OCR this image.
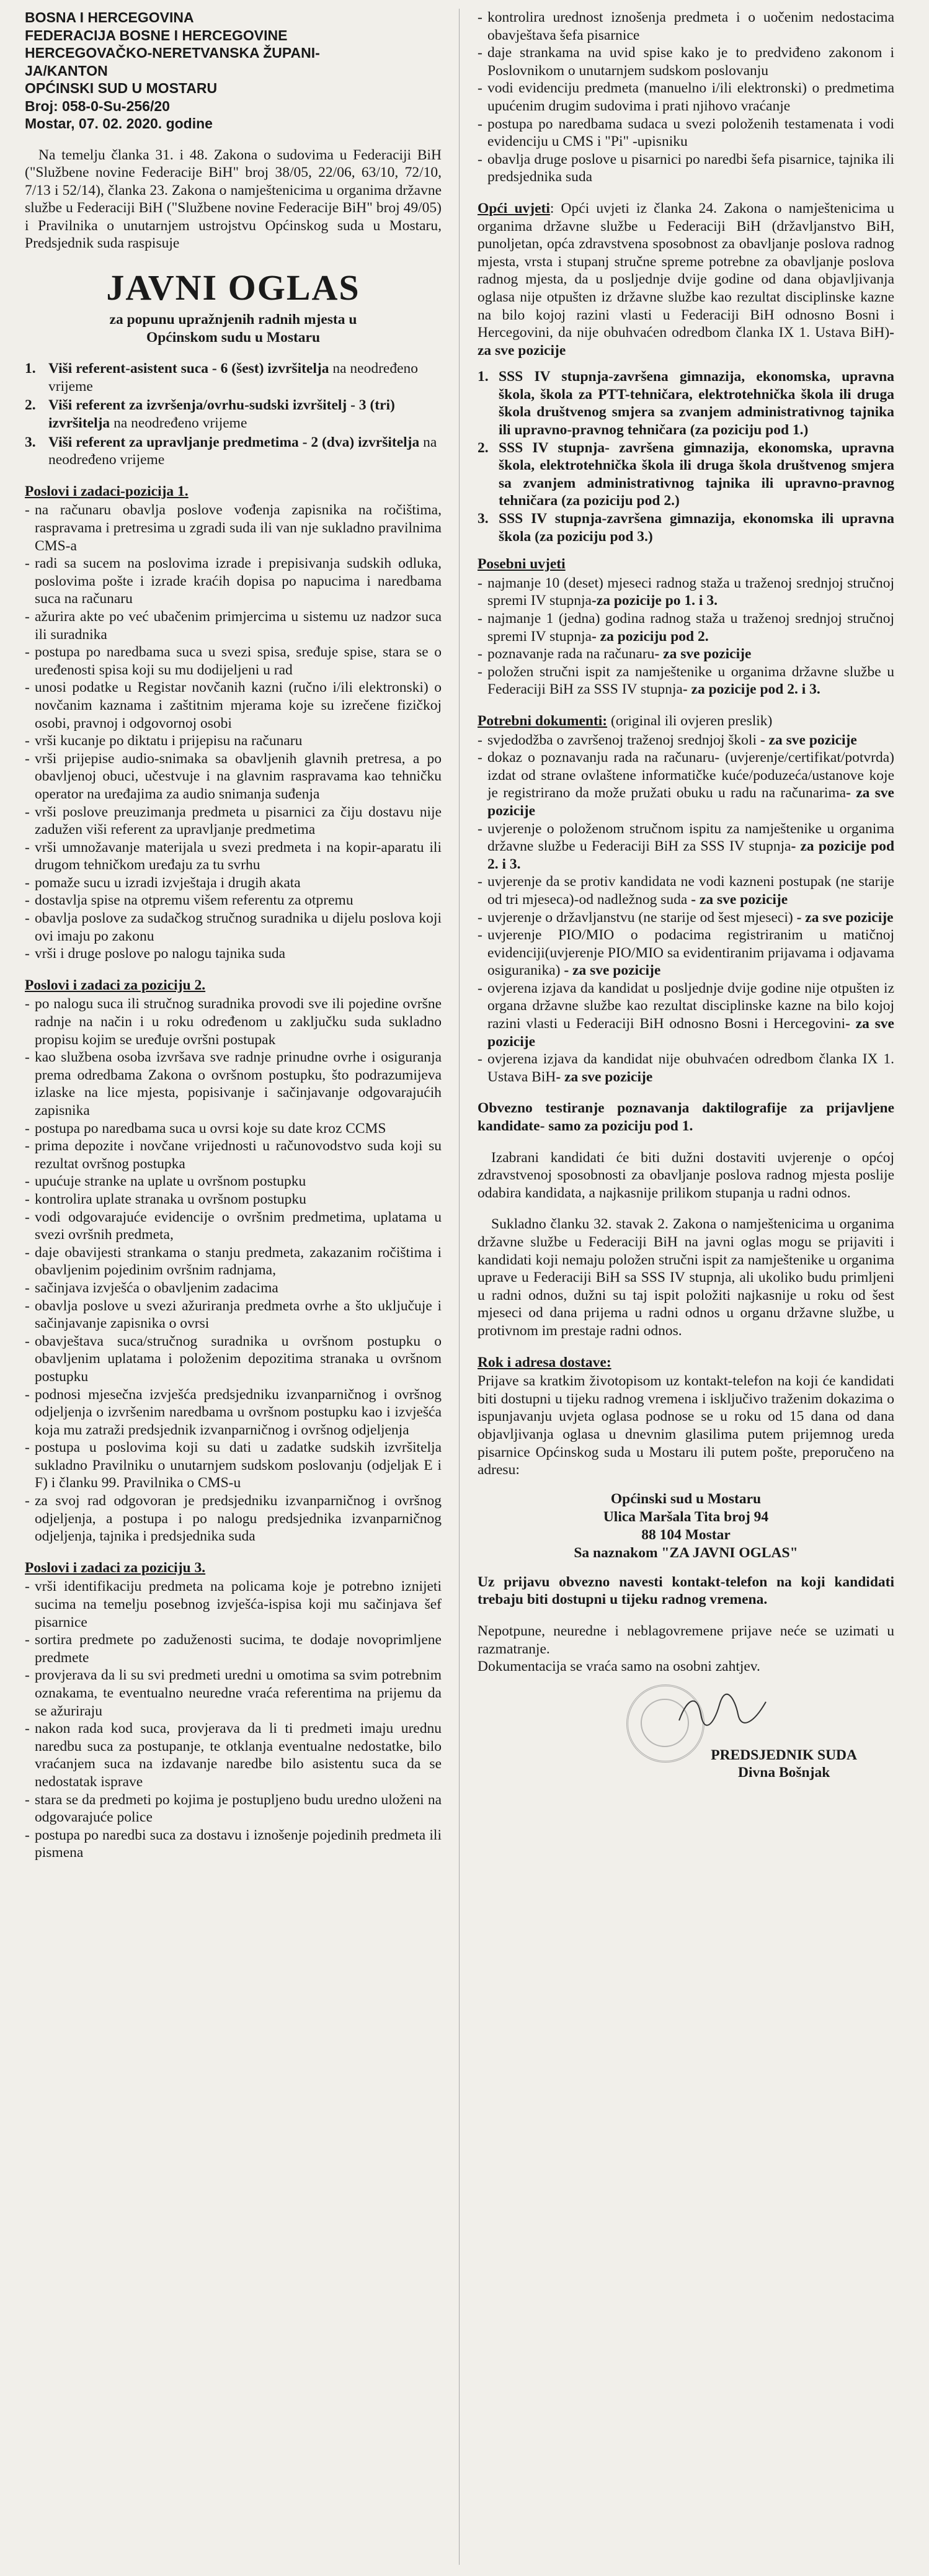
BOSNA I HERCEGOVINA

FEDERACIJA BOSNE I HERCEGOVINE

HERCEGOVAČKO-NERETVANSKA ŽUPANI-

JA/KANTON

OPĆINSKI SUD U MOSTARU

Broj: 058-0-Su-256/20

Mostar, 07. 02. 2020. godine

Na temelju članka 31. i 48. Zakona o sudovima u Federaciji BiH ("Službene novine Federacije BiH" broj 38/05, 22/06, 63/10, 72/10, 7/13 i 52/14), članka 23. Zakona o namještenicima u organima državne službe u Federaciji BiH ("Službene novine Federacije BiH" broj 49/05) i Pravilnika o unutarnjem ustrojstvu Općinskog suda u Mostaru, Predsjednik suda raspisuje

JAVNI OGLAS
za popunu upražnjenih radnih mjesta u
Općinskom sudu u Mostaru
1. Viši referent-asistent suca - 6 (šest) izvršitelja na neodređeno vrijeme
2. Viši referent za izvršenja/ovrhu-sudski izvršitelj - 3 (tri) izvršitelja na neodređeno vrijeme
3. Viši referent za upravljanje predmetima - 2 (dva) izvršitelja na neodređeno vrijeme
Poslovi i zadaci-pozicija 1.
- na računaru obavlja poslove vođenja zapisnika na ročištima, raspravama i pretresima u zgradi suda ili van nje sukladno pravilnima CMS-a
- radi sa sucem na poslovima izrade i prepisivanja sudskih odluka, poslovima pošte i izrade kraćih dopisa po napucima i naredbama suca na računaru
- ažurira akte po već ubačenim primjercima u sistemu uz nadzor suca ili suradnika
- postupa po naredbama suca u svezi spisa, sređuje spise, stara se o uređenosti spisa koji su mu dodijeljeni u rad
- unosi podatke u Registar novčanih kazni (ručno i/ili elektronski) o novčanim kaznama i zaštitnim mjerama koje su izrečene fizičkoj osobi, pravnoj i odgovornoj osobi
- vrši kucanje po diktatu i prijepisu na računaru
- vrši prijepise audio-snimaka sa obavljenih glavnih pretresa, a po obavljenoj obuci, učestvuje i na glavnim raspravama kao tehničku operator na uređajima za audio snimanja suđenja
- vrši poslove preuzimanja predmeta u pisarnici za čiju dostavu nije zadužen viši referent za upravljanje predmetima
- vrši umnožavanje materijala u svezi predmeta i na kopir-aparatu ili drugom tehničkom uređaju za tu svrhu
- pomaže sucu u izradi izvještaja i drugih akata
- dostavlja spise na otpremu višem referentu za otpremu
- obavlja poslove za sudačkog stručnog suradnika u dijelu poslova koji ovi imaju po zakonu
- vrši i druge poslove po nalogu tajnika suda
Poslovi i zadaci za poziciju 2.
- po nalogu suca ili stručnog suradnika provodi sve ili pojedine ovršne radnje na način i u roku određenom u zaključku suda sukladno propisu kojim se uređuje ovršni postupak
- kao službena osoba izvršava sve radnje prinudne ovrhe i osiguranja prema odredbama Zakona o ovršnom postupku, što podrazumijeva izlaske na lice mjesta, popisivanje i sačinjavanje odgovarajućih zapisnika
- postupa po naredbama suca u ovrsi koje su date kroz CCMS
- prima depozite i novčane vrijednosti u računovodstvo suda koji su rezultat ovršnog postupka
- upućuje stranke na uplate u ovršnom postupku
- kontrolira uplate stranaka u ovršnom postupku
- vodi odgovarajuće evidencije o ovršnim predmetima, uplatama u svezi ovršnih predmeta,
- daje obavijesti strankama o stanju predmeta, zakazanim ročištima i obavljenim pojedinim ovršnim radnjama,
- sačinjava izvješća o obavljenim zadacima
- obavlja poslove u svezi ažuriranja predmeta ovrhe a što uključuje i sačinjavanje zapisnika o ovrsi
- obavještava suca/stručnog suradnika u ovršnom postupku o obavljenim uplatama i položenim depozitima stranaka u ovršnom postupku
- podnosi mjesečna izvješća predsjedniku izvanparničnog i ovršnog odjeljenja o izvršenim naredbama u ovršnom postupku kao i izvješća koja mu zatraži predsjednik izvanparničnog i ovršnog odjeljenja
- postupa u poslovima koji su dati u zadatke sudskih izvršitelja sukladno Pravilniku o unutarnjem sudskom poslovanju (odjeljak E i F) i članku 99. Pravilnika o CMS-u
- za svoj rad odgovoran je predsjedniku izvanparničnog i ovršnog odjeljenja, a postupa i po nalogu predsjednika izvanparničnog odjeljenja, tajnika i predsjednika suda
Poslovi i zadaci za poziciju 3.
- vrši identifikaciju predmeta na policama koje je potrebno iznijeti sucima na temelju posebnog izvješća-ispisa koji mu sačinjava šef pisarnice
- sortira predmete po zaduženosti sucima, te dodaje novoprimljene predmete
- provjerava da li su svi predmeti uredni u omotima sa svim potrebnim oznakama, te eventualno neuredne vraća referentima na prijemu da se ažuriraju
- nakon rada kod suca, provjerava da li ti predmeti imaju urednu naredbu suca za postupanje, te otklanja eventualne nedostatke, bilo vraćanjem suca na izdavanje naredbe bilo asistentu suca da se nedostatak isprave
- stara se da predmeti po kojima je postupljeno budu uredno uloženi na odgovarajuće police
- postupa po naredbi suca za dostavu i iznošenje pojedinih predmeta ili pismena
- kontrolira urednost iznošenja predmeta i o uočenim nedostacima obavještava šefa pisarnice
- daje strankama na uvid spise kako je to predviđeno zakonom i Poslovnikom o unutarnjem sudskom poslovanju
- vodi evidenciju predmeta (manuelno i/ili elektronski) o predmetima upućenim drugim sudovima i prati njihovo vraćanje
- postupa po naredbama sudaca u svezi položenih testamenata i vodi evidenciju u CMS i "Pi" -upisniku
- obavlja druge poslove u pisarnici po naredbi šefa pisarnice, tajnika ili predsjednika suda

Opći uvjeti: Opći uvjeti iz članka 24. Zakona o namještenicima u organima državne službe u Federaciji BiH (državljanstvo BiH, punoljetan, opća zdravstvena sposobnost za obavljanje poslova radnog mjesta, vrsta i stupanj stručne spreme potrebne za obavljanje poslova radnog mjesta, da u posljednje dvije godine od dana objavljivanja oglasa nije otpušten iz državne službe kao rezultat disciplinske kazne na bilo kojoj razini vlasti u Federaciji BiH odnosno Bosni i Hercegovini, da nije obuhvaćen odredbom članka IX 1. Ustava BiH)- za sve pozicije

1. SSS IV stupnja-završena gimnazija, ekonomska, upravna škola, škola za PTT-tehničara, elektrotehnička škola ili druga škola društvenog smjera sa zvanjem administrativnog tajnika ili upravno-pravnog tehničara (za poziciju pod 1.)
2. SSS IV stupnja- završena gimnazija, ekonomska, upravna škola, elektrotehnička škola ili druga škola društvenog smjera sa zvanjem administrativnog tajnika ili upravno-pravnog tehničara (za poziciju pod 2.)
3. SSS IV stupnja-završena gimnazija, ekonomska ili upravna škola (za poziciju pod 3.)
Posebni uvjeti
- najmanje 10 (deset) mjeseci radnog staža u traženoj srednjoj stručnoj spremi IV stupnja-za pozicije po 1. i 3.
- najmanje 1 (jedna) godina radnog staža u traženoj srednjoj stručnoj spremi IV stupnja- za poziciju pod 2.
- poznavanje rada na računaru- za sve pozicije
- položen stručni ispit za namještenike u organima državne službe u Federaciji BiH za SSS IV stupnja- za pozicije pod 2. i 3.
Potrebni dokumenti: (original ili ovjeren preslik)
- svjedodžba o završenoj traženoj srednjoj školi - za sve pozicije
- dokaz o poznavanju rada na računaru- (uvjerenje/certifikat/potvrda) izdat od strane ovlaštene informatičke kuće/poduzeća/ustanove koje je registrirano da može pružati obuku u radu na računarima- za sve pozicije
- uvjerenje o položenom stručnom ispitu za namještenike u organima državne službe u Federaciji BiH za SSS IV stupnja- za pozicije pod 2. i 3.
- uvjerenje da se protiv kandidata ne vodi kazneni postupak (ne starije od tri mjeseca)-od nadležnog suda - za sve pozicije
- uvjerenje o državljanstvu (ne starije od šest mjeseci) - za sve pozicije
- uvjerenje PIO/MIO o podacima registriranim u matičnoj evidenciji(uvjerenje PIO/MIO sa evidentiranim prijavama i odjavama osiguranika) - za sve pozicije
- ovjerena izjava da kandidat u posljednje dvije godine nije otpušten iz organa državne službe kao rezultat disciplinske kazne na bilo kojoj razini vlasti u Federaciji BiH odnosno Bosni i Hercegovini- za sve pozicije
- ovjerena izjava da kandidat nije obuhvaćen odredbom članka IX 1. Ustava BiH- za sve pozicije

Obvezno testiranje poznavanja daktilografije za prijavljene kandidate- samo za poziciju pod 1.

Izabrani kandidati će biti dužni dostaviti uvjerenje o općoj zdravstvenoj sposobnosti za obavljanje poslova radnog mjesta poslije odabira kandidata, a najkasnije prilikom stupanja u radni odnos.

Sukladno članku 32. stavak 2. Zakona o namještenicima u organima državne službe u Federaciji BiH na javni oglas mogu se prijaviti i kandidati koji nemaju položen stručni ispit za namještenike u organima uprave u Federaciji BiH sa SSS IV stupnja, ali ukoliko budu primljeni u radni odnos, dužni su taj ispit položiti najkasnije u roku od šest mjeseci od dana prijema u radni odnos u organu državne službe, u protivnom im prestaje radni odnos.

Rok i adresa dostave:

Prijave sa kratkim životopisom uz kontakt-telefon na koji će kandidati biti dostupni u tijeku radnog vremena i isključivo traženim dokazima o ispunjavanju uvjeta oglasa podnose se u roku od 15 dana od dana objavljivanja oglasa u dnevnim glasilima putem prijemnog ureda pisarnice Općinskog suda u Mostaru ili putem pošte, preporučeno na adresu:

Općinski sud u Mostaru
Ulica Maršala Tita broj 94
88 104 Mostar
Sa naznakom "ZA JAVNI OGLAS"

Uz prijavu obvezno navesti kontakt-telefon na koji kandidati trebaju biti dostupni u tijeku radnog vremena.

Nepotpune, neuredne i neblagovremene prijave neće se uzimati u razmatranje.

Dokumentacija se vraća samo na osobni zahtjev.

PREDSJEDNIK SUDA
Divna Bošnjak
